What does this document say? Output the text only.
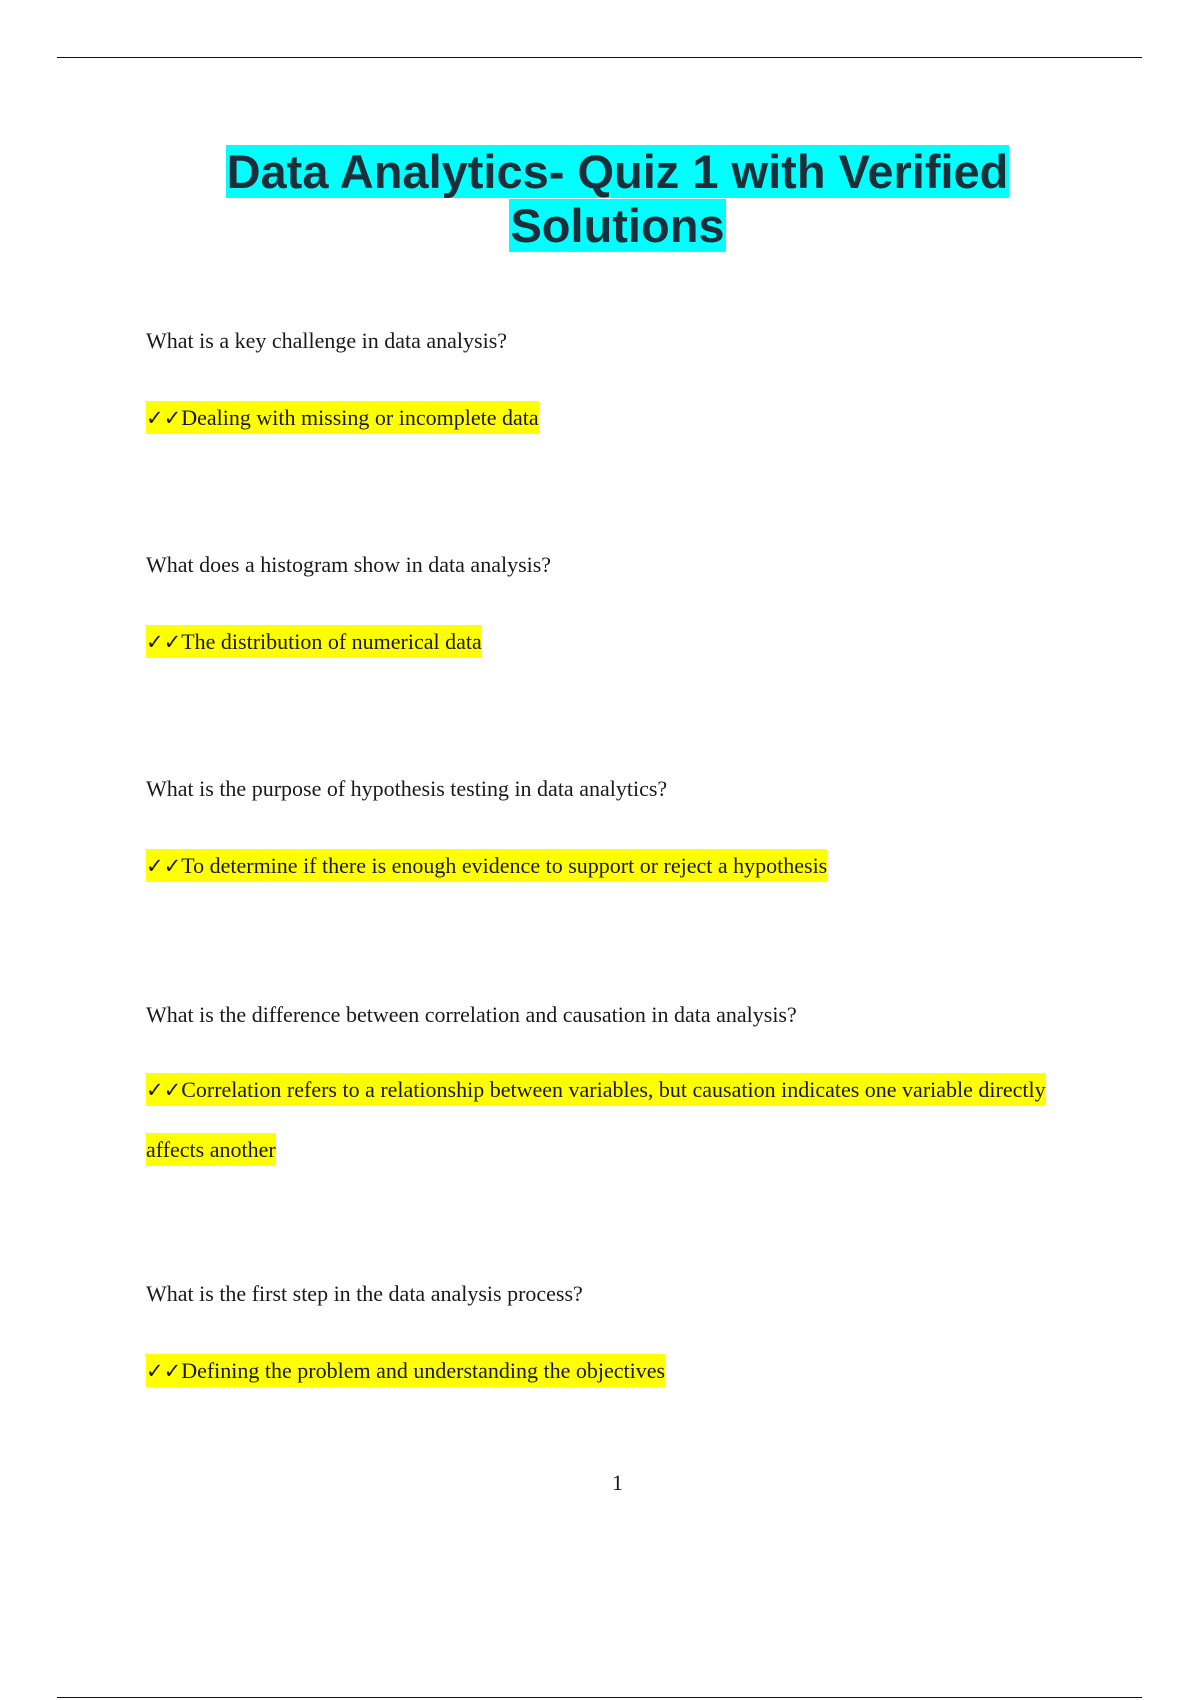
Data Analytics- Quiz 1 with Verified
Solutions
What is a key challenge in data analysis?
✓✓Dealing with missing or incomplete data
What does a histogram show in data analysis?
✓✓The distribution of numerical data
What is the purpose of hypothesis testing in data analytics?
✓✓To determine if there is enough evidence to support or reject a hypothesis
What is the difference between correlation and causation in data analysis?
✓✓Correlation refers to a relationship between variables, but causation indicates one variable directly affects another
What is the first step in the data analysis process?
✓✓Defining the problem and understanding the objectives
1
